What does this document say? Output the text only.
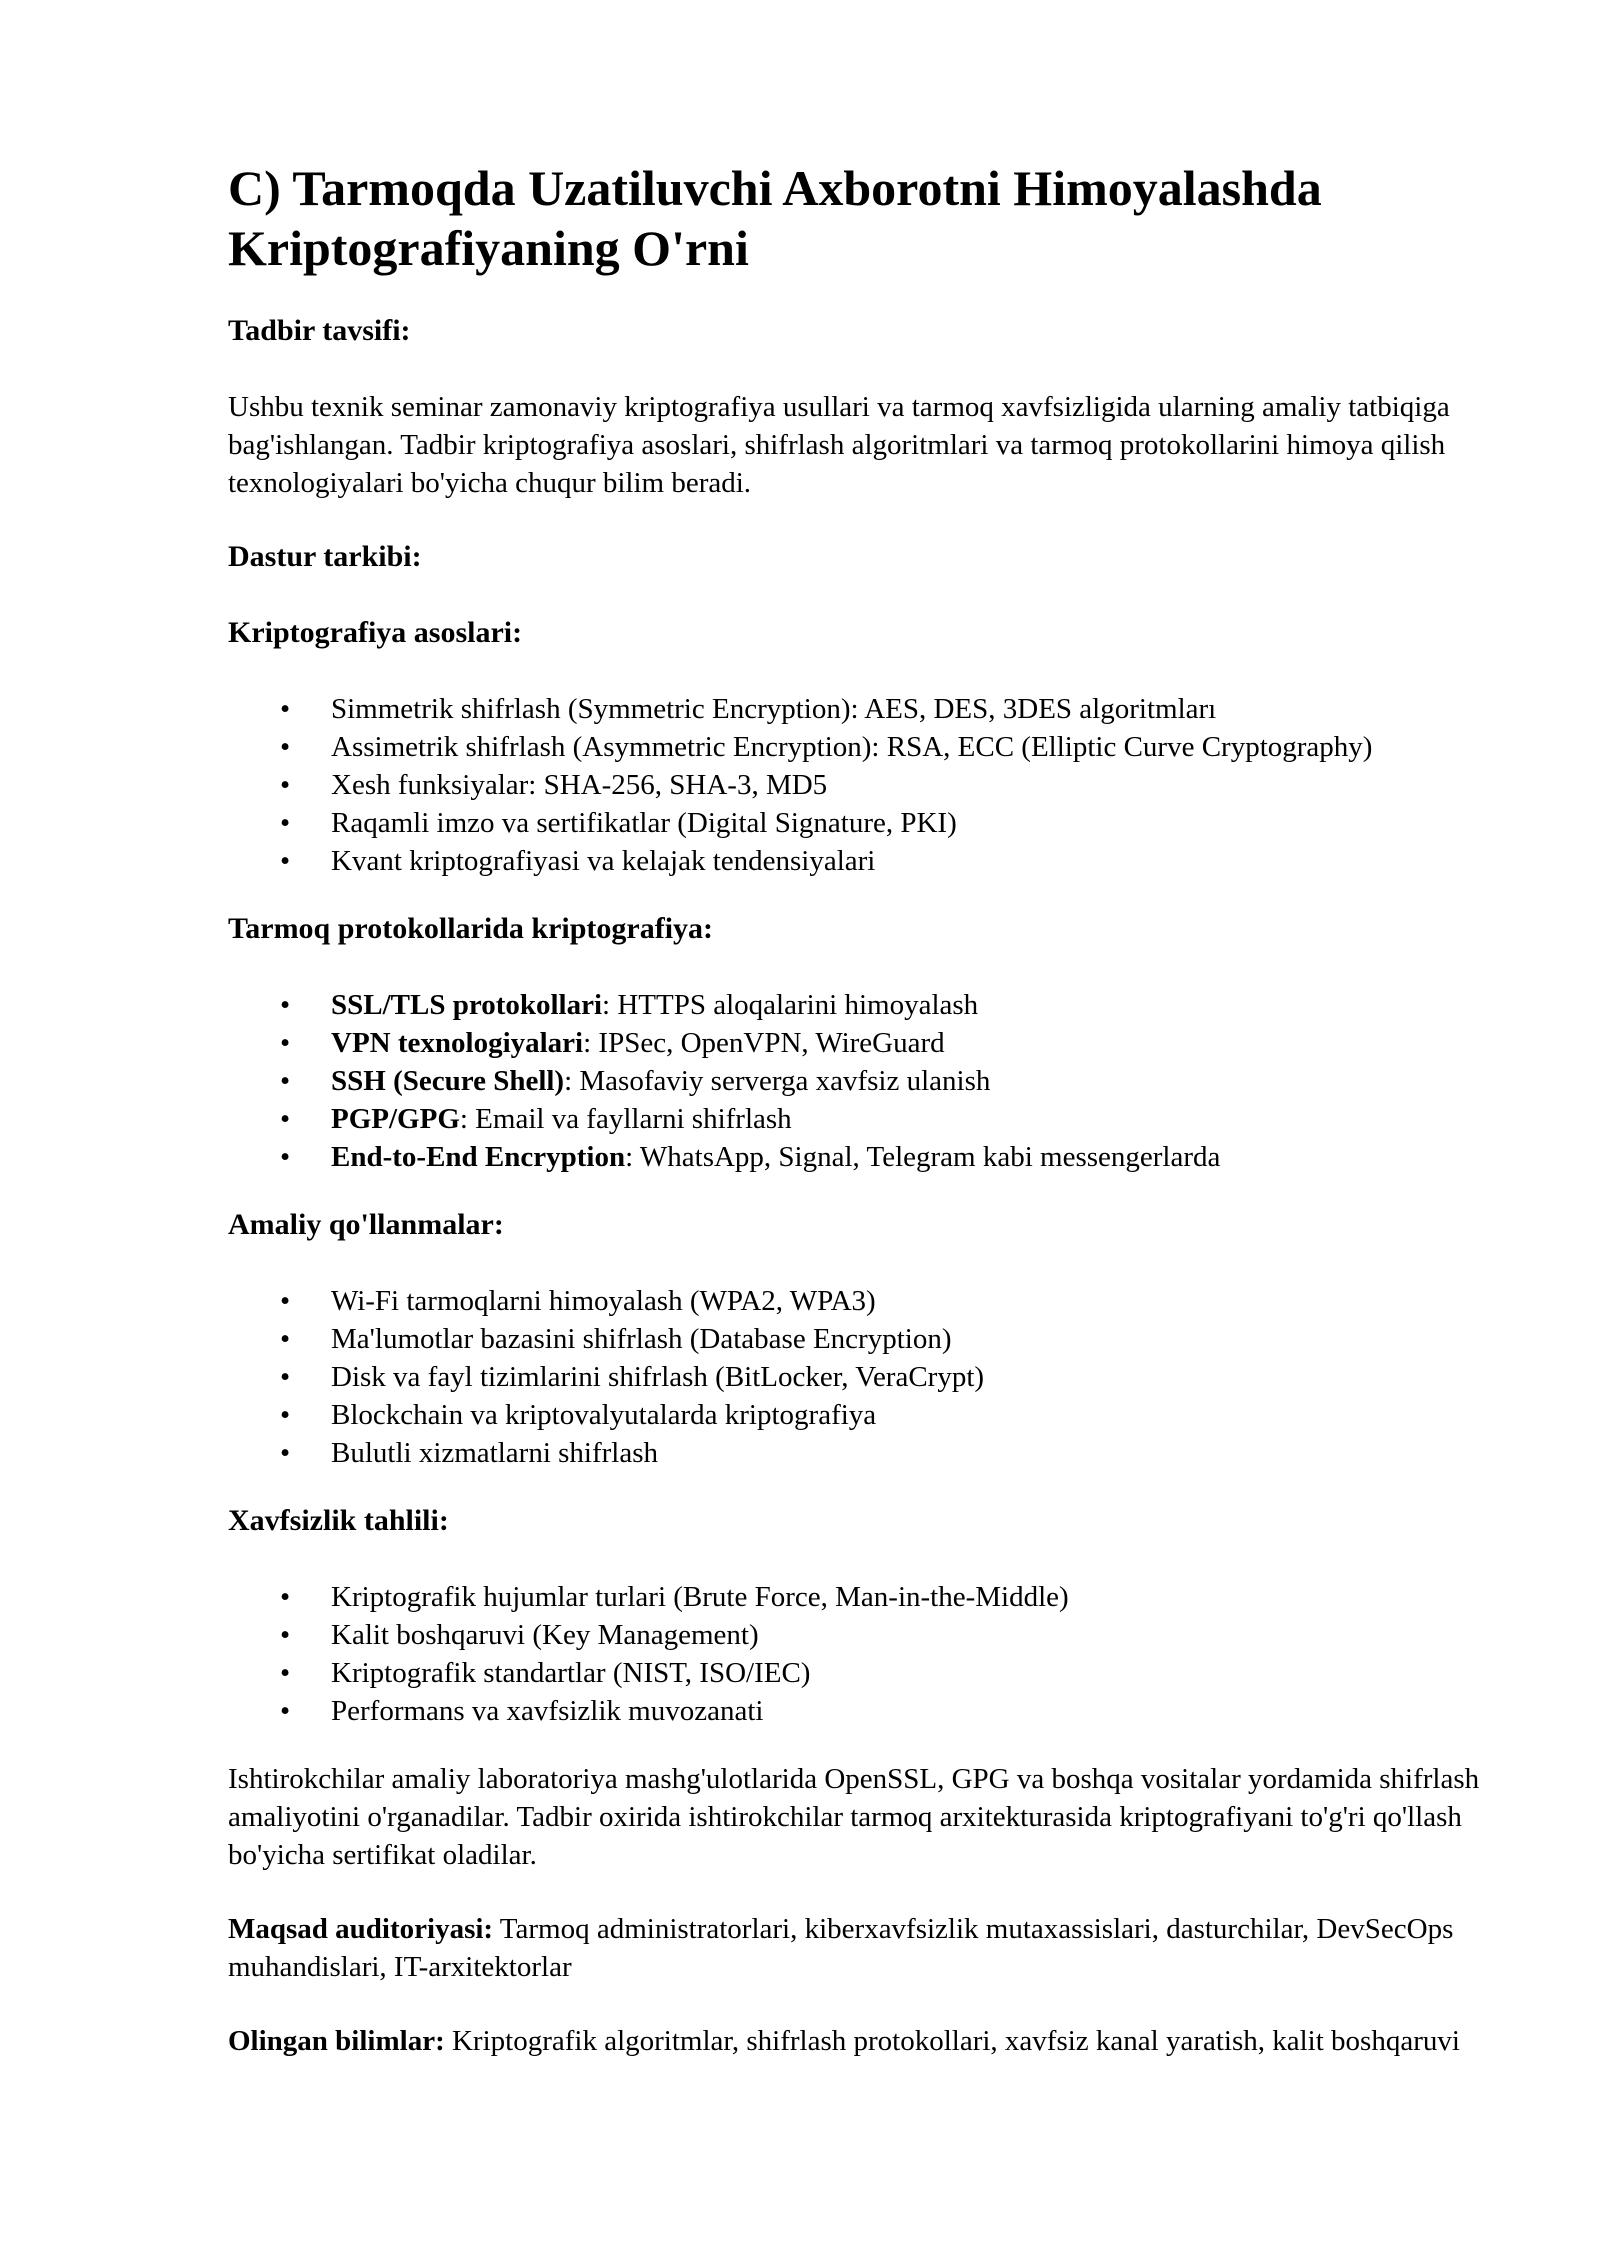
C) Tarmoqda Uzatiluvchi Axborotni Himoyalashda Kriptografiyaning O'rni
Tadbir tavsifi:

Ushbu texnik seminar zamonaviy kriptografiya usullari va tarmoq xavfsizligida ularning amaliy tatbiqiga bag'ishlangan. Tadbir kriptografiya asoslari, shifrlash algoritmlari va tarmoq protokollarini himoya qilish texnologiyalari bo'yicha chuqur bilim beradi.

Dastur tarkibi:
Kriptografiya asoslari:
• Simmetrik shifrlash (Symmetric Encryption): AES, DES, 3DES algoritmları
• Assimetrik shifrlash (Asymmetric Encryption): RSA, ECC (Elliptic Curve Cryptography)
• Xesh funksiyalar: SHA-256, SHA-3, MD5
• Raqamli imzo va sertifikatlar (Digital Signature, PKI)
• Kvant kriptografiyasi va kelajak tendensiyalari
Tarmoq protokollarida kriptografiya:
• SSL/TLS protokollari: HTTPS aloqalarini himoyalash
• VPN texnologiyalari: IPSec, OpenVPN, WireGuard
• SSH (Secure Shell): Masofaviy serverga xavfsiz ulanish
• PGP/GPG: Email va fayllarni shifrlash
• End-to-End Encryption: WhatsApp, Signal, Telegram kabi messengerlarda
Amaliy qo'llanmalar:
• Wi-Fi tarmoqlarni himoyalash (WPA2, WPA3)
• Ma'lumotlar bazasini shifrlash (Database Encryption)
• Disk va fayl tizimlarini shifrlash (BitLocker, VeraCrypt)
• Blockchain va kriptovalyutalarda kriptografiya
• Bulutli xizmatlarni shifrlash
Xavfsizlik tahlili:
• Kriptografik hujumlar turlari (Brute Force, Man-in-the-Middle)
• Kalit boshqaruvi (Key Management)
• Kriptografik standartlar (NIST, ISO/IEC)
• Performans va xavfsizlik muvozanati

Ishtirokchilar amaliy laboratoriya mashg'ulotlarida OpenSSL, GPG va boshqa vositalar yordamida shifrlash amaliyotini o'rganadilar. Tadbir oxirida ishtirokchilar tarmoq arxitekturasida kriptografiyani to'g'ri qo'llash bo'yicha sertifikat oladilar.

Maqsad auditoriyasi: Tarmoq administratorlari, kiberxavfsizlik mutaxassislari, dasturchilar, DevSecOps muhandislari, IT-arxitektorlar

Olingan bilimlar: Kriptografik algoritmlar, shifrlash protokollari, xavfsiz kanal yaratish, kalit boshqaruvi
